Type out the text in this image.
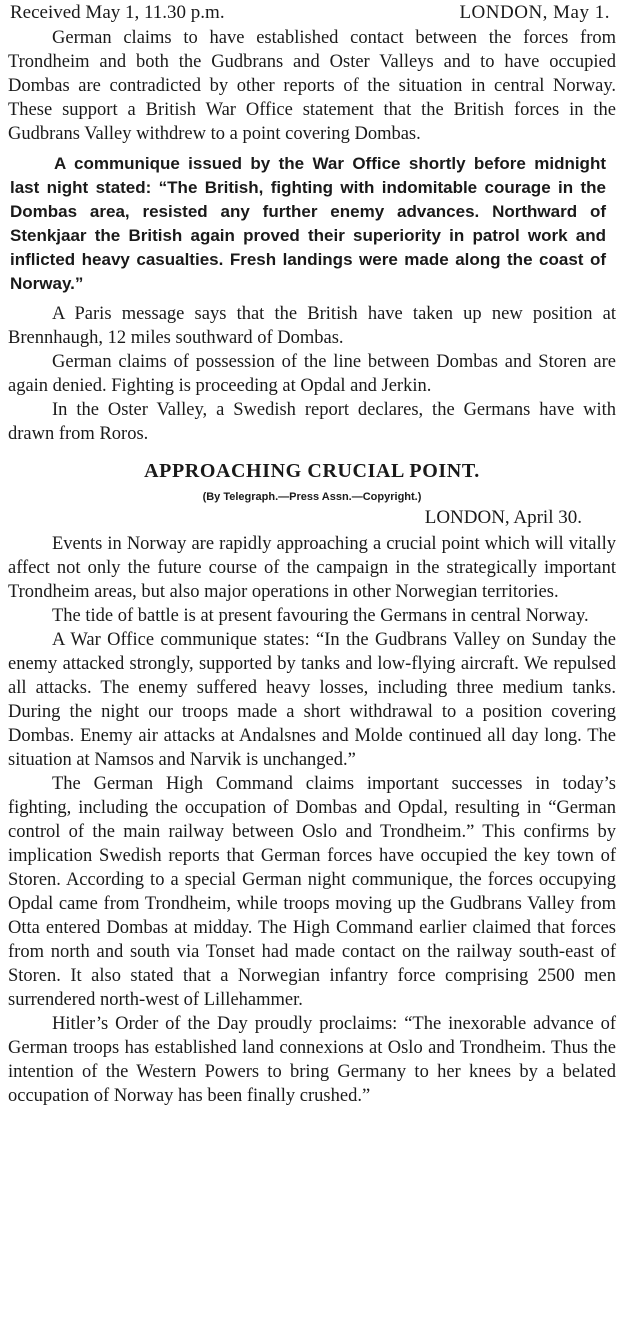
Received May 1, 11.30 p.m.	LONDON, May 1.

German claims to have established contact between the forces from Trondheim and both the Gudbrans and Oster Valleys and to have occupied Dombas are contradicted by other reports of the situation in central Norway. These support a British War Office statement that the British forces in the Gudbrans Valley withdrew to a point covering Dombas.

A communique issued by the War Office shortly before midnight last night stated: “The British, fighting with indomitable courage in the Dombas area, resisted any further enemy advances. Northward of Stenkjaar the British again proved their superiority in patrol work and inflicted heavy casualties. Fresh landings were made along the coast of Norway.”

A Paris message says that the British have taken up new position at Brennhaugh, 12 miles southward of Dombas.

German claims of possession of the line between Dombas and Storen are again denied. Fighting is proceeding at Opdal and Jerkin.

In the Oster Valley, a Swedish report declares, the Germans have with drawn from Roros.

APPROACHING CRUCIAL POINT.
(By Telegraph.—Press Assn.—Copyright.)
LONDON, April 30.

Events in Norway are rapidly approaching a crucial point which will vitally affect not only the future course of the campaign in the strategically important Trondheim areas, but also major operations in other Norwegian territories.

The tide of battle is at present favouring the Germans in central Norway.

A War Office communique states: “In the Gudbrans Valley on Sunday the enemy attacked strongly, supported by tanks and low-flying aircraft. We repulsed all attacks. The enemy suffered heavy losses, including three medium tanks. During the night our troops made a short withdrawal to a position covering Dombas. Enemy air attacks at Andalsnes and Molde continued all day long. The situation at Namsos and Narvik is unchanged.”

The German High Command claims important successes in today’s fighting, including the occupation of Dombas and Opdal, resulting in “German control of the main railway between Oslo and Trondheim.” This confirms by implication Swedish reports that German forces have occupied the key town of Storen. According to a special German night communique, the forces occupying Opdal came from Trondheim, while troops moving up the Gudbrans Valley from Otta entered Dombas at midday. The High Command earlier claimed that forces from north and south via Tonset had made contact on the railway south-east of Storen. It also stated that a Norwegian infantry force comprising 2500 men surrendered north-west of Lillehammer.

Hitler’s Order of the Day proudly proclaims: “The inexorable advance of German troops has established land connexions at Oslo and Trondheim. Thus the intention of the Western Powers to bring Germany to her knees by a belated occupation of Norway has been finally crushed.”
